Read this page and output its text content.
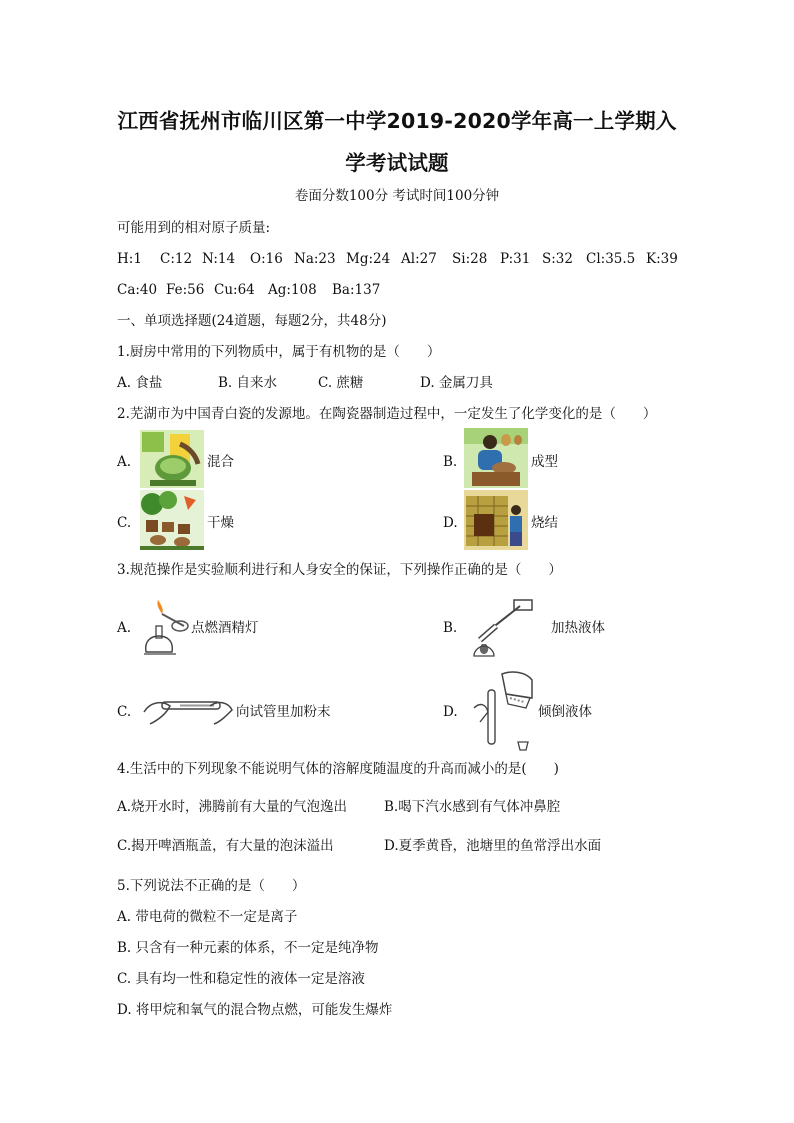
江西省抚州市临川区第一中学2019-2020学年高一上学期入
学考试试题
卷面分数100分 考试时间100分钟
可能用到的相对原子质量:
H:1 C:12 N:14 O:16 Na:23 Mg:24 Al:27 Si:28 P:31 S:32 Cl:35.5 K:39
Ca:40 Fe:56 Cu:64 Ag:108 Ba:137
一、单项选择题(24道题，每题2分，共48分)
1.厨房中常用的下列物质中，属于有机物的是（　　）
A. 食盐	B. 自来水	C. 蔗糖	D. 金属刀具
2.芜湖市为中国青白瓷的发源地。在陶瓷器制造过程中，一定发生了化学变化的是（　　）
A.	混合	B.	成型
C.	干燥	D.	烧结
3.规范操作是实验顺利进行和人身安全的保证，下列操作正确的是（　　）
A.	点燃酒精灯	B.	加热液体
C.	向试管里加粉末	D.	倾倒液体
4.生活中的下列现象不能说明气体的溶解度随温度的升高而减小的是(　　)
A.烧开水时，沸腾前有大量的气泡逸出	B.喝下汽水感到有气体冲鼻腔
C.揭开啤酒瓶盖，有大量的泡沫溢出	D.夏季黄昏，池塘里的鱼常浮出水面
5.下列说法不正确的是（　　）
A. 带电荷的微粒不一定是离子
B. 只含有一种元素的体系，不一定是纯净物
C. 具有均一性和稳定性的液体一定是溶液
D. 将甲烷和氧气的混合物点燃，可能发生爆炸
